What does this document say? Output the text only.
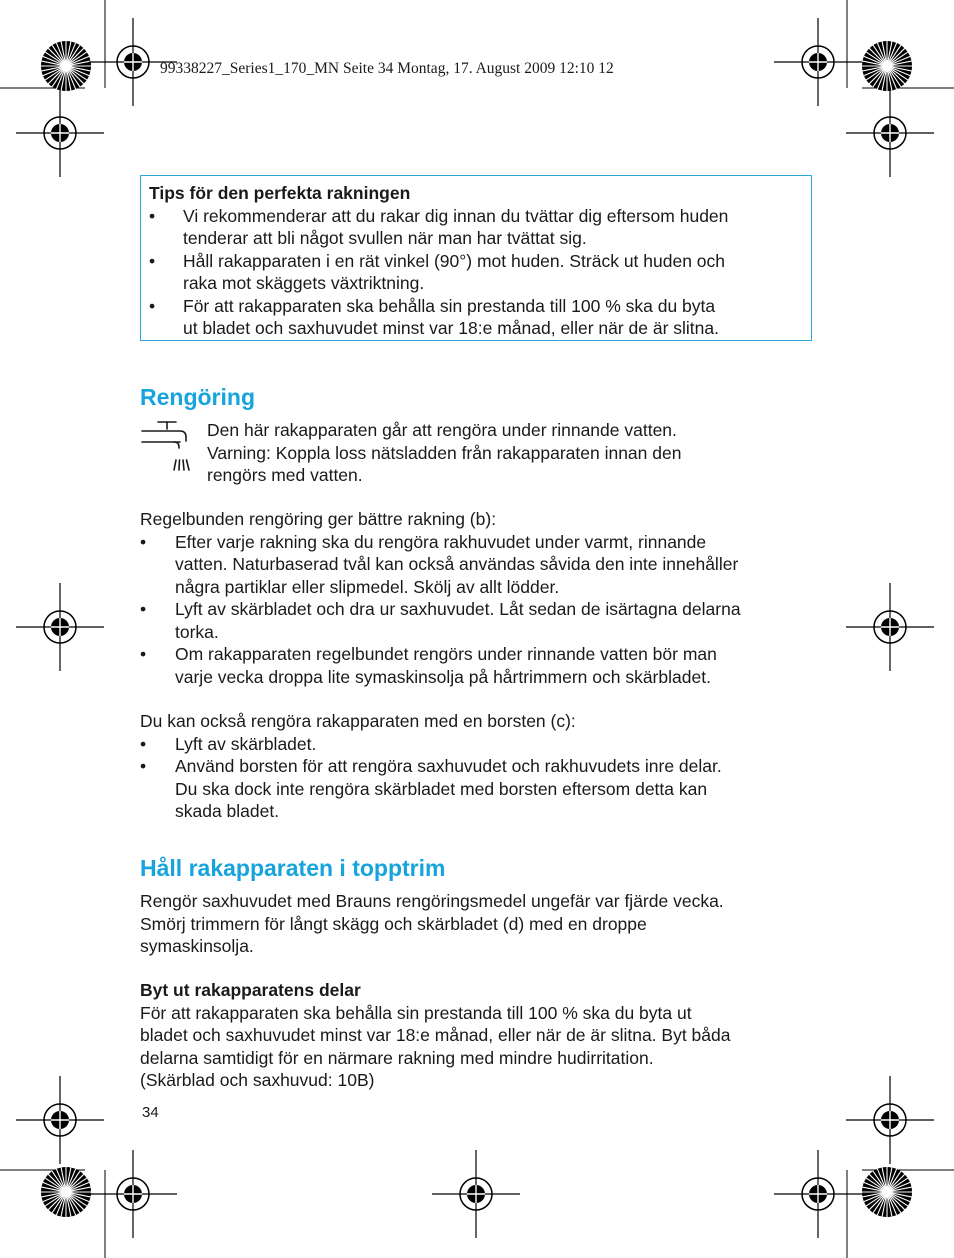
99338227_Series1_170_MN Seite 34 Montag, 17. August 2009 12:10 12
Tips för den perfekta rakningen
• Vi rekommenderar att du rakar dig innan du tvättar dig eftersom huden
tenderar att bli något svullen när man har tvättat sig.
• Håll rakapparaten i en rät vinkel (90°) mot huden. Sträck ut huden och
raka mot skäggets växtriktning.
• För att rakapparaten ska behålla sin prestanda till 100 % ska du byta
ut bladet och saxhuvudet minst var 18:e månad, eller när de är slitna.
Rengöring
Den här rakapparaten går att rengöra under rinnande vatten.
Varning: Koppla loss nätsladden från rakapparaten innan den
rengörs med vatten.

Regelbunden rengöring ger bättre rakning (b):

• Efter varje rakning ska du rengöra rakhuvudet under varmt, rinnande
vatten. Naturbaserad tvål kan också användas såvida den inte innehåller
några partiklar eller slipmedel. Skölj av allt lödder.
• Lyft av skärbladet och dra ur saxhuvudet. Låt sedan de isärtagna delarna
torka.
• Om rakapparaten regelbundet rengörs under rinnande vatten bör man
varje vecka droppa lite symaskinsolja på hårtrimmern och skärbladet.

Du kan också rengöra rakapparaten med en borsten (c):

• Lyft av skärbladet.
• Använd borsten för att rengöra saxhuvudet och rakhuvudets inre delar.
Du ska dock inte rengöra skärbladet med borsten eftersom detta kan
skada bladet.
Håll rakapparaten i topptrim
Rengör saxhuvudet med Brauns rengöringsmedel ungefär var fjärde vecka.
Smörj trimmern för långt skägg och skärbladet (d) med en droppe
symaskinsolja.
Byt ut rakapparatens delar
För att rakapparaten ska behålla sin prestanda till 100 % ska du byta ut
bladet och saxhuvudet minst var 18:e månad, eller när de är slitna. Byt båda
delarna samtidigt för en närmare rakning med mindre hudirritation.
(Skärblad och saxhuvud: 10B)
34
